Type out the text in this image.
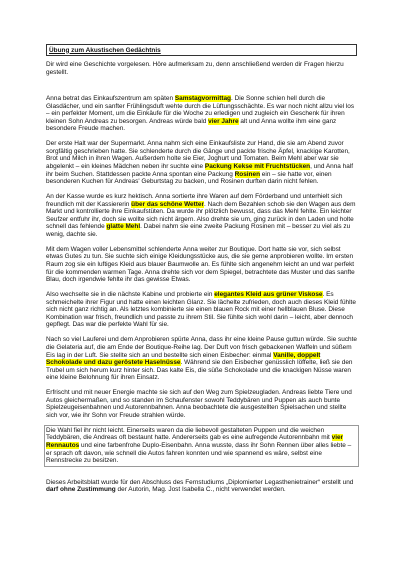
Übung zum Akustischen Gedächtnis

Dir wird eine Geschichte vorgelesen. Höre aufmerksam zu, denn anschließend werden dir Fragen hierzu gestellt.

Anna betrat das Einkaufszentrum am späten Samstagvormittag. Die Sonne schien hell durch die Glasdächer, und ein sanfter Frühlingsduft wehte durch die Lüftungsschächte. Es war noch nicht allzu viel los – ein perfekter Moment, um die Einkäufe für die Woche zu erledigen und zugleich ein Geschenk für ihren kleinen Sohn Andreas zu besorgen. Andreas würde bald vier Jahre alt und Anna wollte ihm eine ganz besondere Freude machen.

Der erste Halt war der Supermarkt. Anna nahm sich eine Einkaufsliste zur Hand, die sie am Abend zuvor sorgfältig geschrieben hatte. Sie schlenderte durch die Gänge und packte frische Äpfel, knackige Karotten, Brot und Milch in ihren Wagen. Außerdem holte sie Eier, Joghurt und Tomaten. Beim Mehl aber war sie abgelenkt – ein kleines Mädchen neben ihr suchte eine Packung Kekse mit Fruchtstücken, und Anna half ihr beim Suchen. Stattdessen packte Anna spontan eine Packung Rosinen ein – sie hatte vor, einen besonderen Kuchen für Andreas' Geburtstag zu backen, und Rosinen durften darin nicht fehlen.

An der Kasse wurde es kurz hektisch. Anna sortierte ihre Waren auf dem Förderband und unterhielt sich freundlich mit der Kassiererin über das schöne Wetter. Nach dem Bezahlen schob sie den Wagen aus dem Markt und kontrollierte ihre Einkaufstüten. Da wurde ihr plötzlich bewusst, dass das Mehl fehlte. Ein leichter Seufzer entfuhr ihr, doch sie wollte sich nicht ärgern. Also drehte sie um, ging zurück in den Laden und holte schnell das fehlende glatte Mehl. Dabei nahm sie eine zweite Packung Rosinen mit – besser zu viel als zu wenig, dachte sie.

Mit dem Wagen voller Lebensmittel schlenderte Anna weiter zur Boutique. Dort hatte sie vor, sich selbst etwas Gutes zu tun. Sie suchte sich einige Kleidungsstücke aus, die sie gerne anprobieren wollte. Im ersten Raum zog sie ein luftiges Kleid aus blauer Baumwolle an. Es fühlte sich angenehm leicht an und war perfekt für die kommenden warmen Tage. Anna drehte sich vor dem Spiegel, betrachtete das Muster und das sanfte Blau, doch irgendwie fehlte ihr das gewisse Etwas.

Also wechselte sie in die nächste Kabine und probierte ein elegantes Kleid aus grüner Viskose. Es schmeichelte ihrer Figur und hatte einen leichten Glanz. Sie lächelte zufrieden, doch auch dieses Kleid fühlte sich nicht ganz richtig an. Als letztes kombinierte sie einen blauen Rock mit einer hellblauen Bluse. Diese Kombination war frisch, freundlich und passte zu ihrem Stil. Sie fühlte sich wohl darin – leicht, aber dennoch gepflegt. Das war die perfekte Wahl für sie.

Nach so viel Lauferei und dem Anprobieren spürte Anna, dass ihr eine kleine Pause guttun würde. Sie suchte die Gelateria auf, die am Ende der Boutique-Reihe lag. Der Duft von frisch gebackenen Waffeln und süßem Eis lag in der Luft. Sie stellte sich an und bestellte sich einen Eisbecher: einmal Vanille, doppelt Schokolade und dazu geröstete Haselnüsse. Während sie den Eisbecher genüsslich löffelte, ließ sie den Trubel um sich herum kurz hinter sich. Das kalte Eis, die süße Schokolade und die knackigen Nüsse waren eine kleine Belohnung für ihren Einsatz.

Erfrischt und mit neuer Energie machte sie sich auf den Weg zum Spielzeugladen. Andreas liebte Tiere und Autos gleichermaßen, und so standen im Schaufenster sowohl Teddybären und Puppen als auch bunte Spielzeugeisenbahnen und Autorennbahnen. Anna beobachtete die ausgestellten Spielsachen und stellte sich vor, wie ihr Sohn vor Freude strahlen würde.

Die Wahl fiel ihr nicht leicht. Einerseits waren da die liebevoll gestalteten Puppen und die weichen Teddybären, die Andreas oft bestaunt hatte. Andererseits gab es eine aufregende Autorennbahn mit vier Rennautos und eine farbenfrohe Duplo-Eisenbahn. Anna wusste, dass ihr Sohn Rennen über alles liebte – er sprach oft davon, wie schnell die Autos fahren konnten und wie spannend es wäre, selbst eine Rennstrecke zu besitzen.

Dieses Arbeitsblatt wurde für den Abschluss des Fernstudiums „Diplomierter Legasthenietrainer“ erstellt und darf ohne Zustimmung der Autorin, Mag. Jost Isabella C., nicht verwendet werden.
